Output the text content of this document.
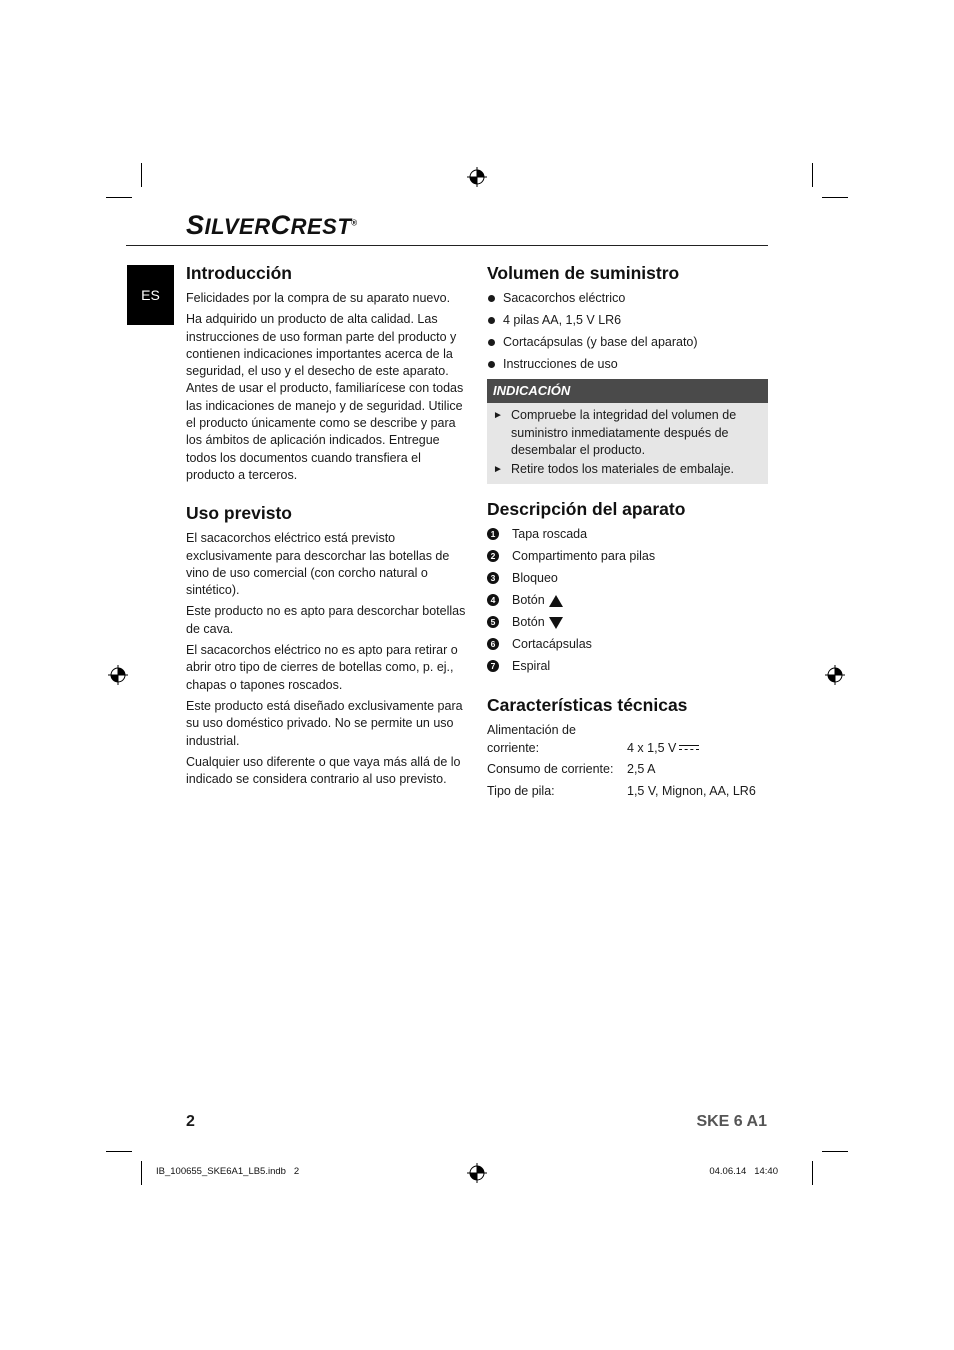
SILVERCREST®
ES
Introducción

Felicidades por la compra de su aparato nuevo.

Ha adquirido un producto de alta calidad. Las instrucciones de uso forman parte del producto y contienen indicaciones importantes acerca de la seguridad, el uso y el desecho de este aparato. Antes de usar el producto, familiarícese con todas las indicaciones de manejo y de seguridad. Utilice el producto únicamente como se describe y para los ámbitos de aplicación indicados. Entregue todos los documentos cuando transfiera el producto a terceros.

Uso previsto

El sacacorchos eléctrico está previsto exclusivamente para descorchar las botellas de vino de uso comercial (con corcho natural o sintético).

Este producto no es apto para descorchar botellas de cava.

El sacacorchos eléctrico no es apto para retirar o abrir otro tipo de cierres de botellas como, p. ej., chapas o tapones roscados.

Este producto está diseñado exclusivamente para su uso doméstico privado. No se permite un uso industrial.

Cualquier uso diferente o que vaya más allá de lo indicado se considera contrario al uso previsto.

Volumen de suministro
Sacacorchos eléctrico
4 pilas AA, 1,5 V LR6
Cortacápsulas (y base del aparato)
Instrucciones de uso
INDICACIÓN
► Compruebe la integridad del volumen de suministro inmediatamente después de desembalar el producto.
► Retire todos los materiales de embalaje.
Descripción del aparato
1 Tapa roscada
2 Compartimento para pilas
3 Bloqueo
4 Botón
5 Botón
6 Cortacápsulas
7 Espiral
Características técnicas
Alimentación de corriente:	4 x 1,5 V
Consumo de corriente:	2,5 A
Tipo de pila:	1,5 V, Mignon, AA, LR6
2	SKE 6 A1
IB_100655_SKE6A1_LB5.indb   2	04.06.14   14:40
